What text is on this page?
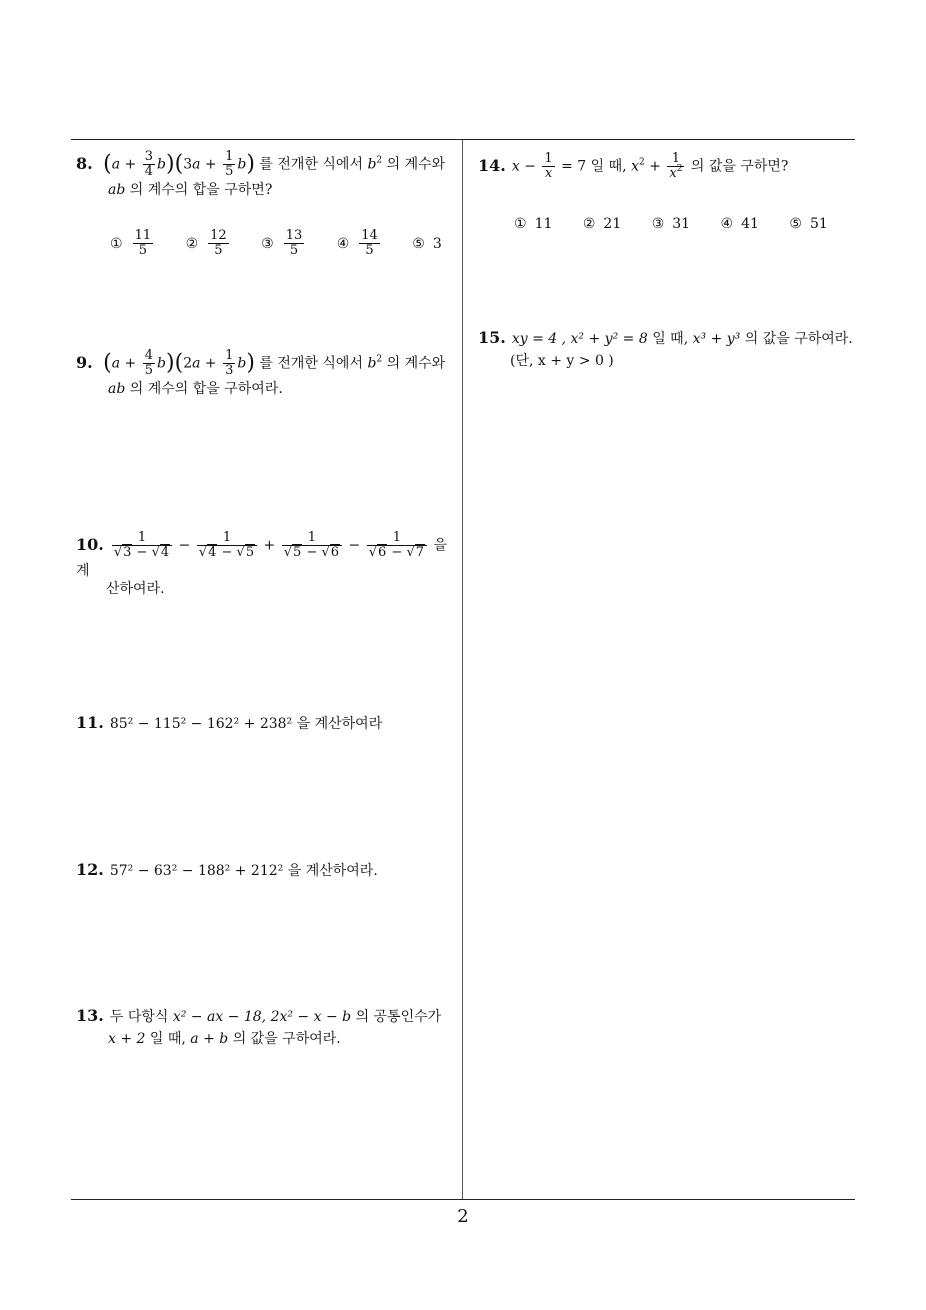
8. $(a + \frac{3}{4} b)(3a + \frac{1}{5} b)$ 를 전개한 식에서 $b^2$ 의 계수와
ab 의 계수의 합을 구하면?
① $\frac{11}{5}$ ② $\frac{12}{5}$ ③ $\frac{13}{5}$ ④ $\frac{14}{5}$ ⑤ 3
9. $(a + \frac{4}{5} b)(2a + \frac{1}{3} b)$ 를 전개한 식에서 $b^2$ 의 계수와
ab 의 계수의 합을 구하여라.
10. $\frac{1}{√3 - √4} - \frac{1}{√4 - √5} + \frac{1}{√5 - √6} - \frac{1}{√6 - √7}$ 을 계
산하여라.
11. 85² − 115² − 162² + 238² 을 계산하여라
12. 57² − 63² − 188² + 212² 을 계산하여라.
13. 두 다항식 x² − ax − 18, 2x² − x − b 의 공통인수가
x + 2 일 때, a + b 의 값을 구하여라.
14. $x - \frac{1}{x} = 7$ 일 때, $x^2 + \frac{1}{x^2}$ 의 값을 구하면?
① 11 ② 21 ③ 31 ④ 41 ⑤ 51
15. xy = 4 , x² + y² = 8 일 때, x³ + y³ 의 값을 구하여라.
(단, x + y > 0 )
2
